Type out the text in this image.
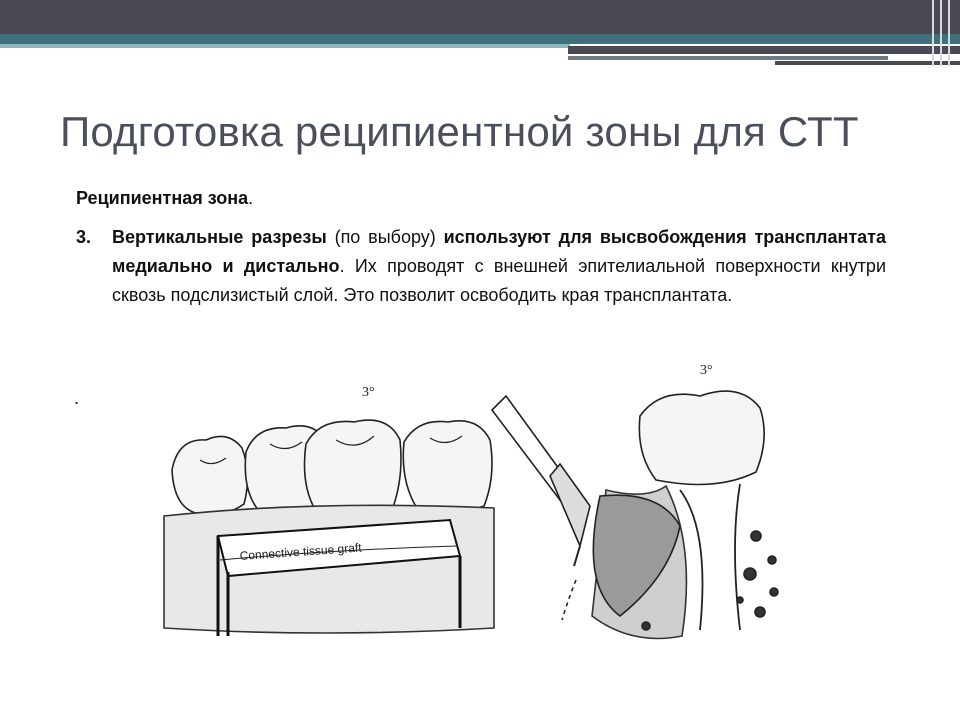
Подготовка реципиентной зоны для СТТ
Реципиентная зона.
3. Вертикальные разрезы (по выбору) используют для высвобождения трансплантата медиально и дистально. Их проводят с внешней эпителиальной поверхности кнутри сквозь подслизистый слой. Это позволит освободить края трансплантата.
.
Connective tissue graft
3°
3°
